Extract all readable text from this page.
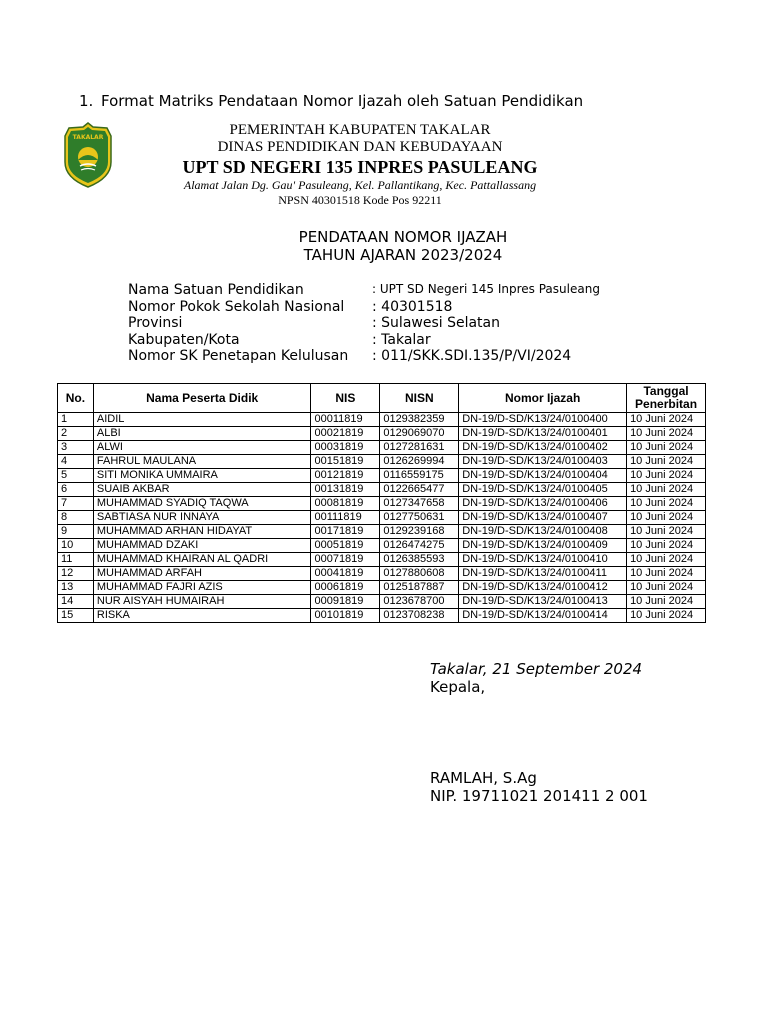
1. Format Matriks Pendataan Nomor Ijazah oleh Satuan Pendidikan
TAKALAR	PEMERINTAH KABUPATEN TAKALAR
DINAS PENDIDIKAN DAN KEBUDAYAAN
UPT SD NEGERI 135 INPRES PASULEANG
Alamat Jalan Dg. Gau' Pasuleang, Kel. Pallantikang, Kec. Pattallassang
NPSN 40301518 Kode Pos 92211
PENDATAAN NOMOR IJAZAH
TAHUN AJARAN 2023/2024
Nama Satuan Pendidikan	: UPT SD Negeri 145 Inpres Pasuleang
Nomor Pokok Sekolah Nasional	: 40301518
Provinsi	: Sulawesi Selatan
Kabupaten/Kota	: Takalar
Nomor SK Penetapan Kelulusan	: 011/SKK.SDI.135/P/VI/2024
No.	Nama Peserta Didik	NIS	NISN	Nomor Ijazah	Tanggal
Penerbitan
1	AIDIL	00011819	0129382359	DN-19/D-SD/K13/24/0100400	10 Juni 2024
2	ALBI	00021819	0129069070	DN-19/D-SD/K13/24/0100401	10 Juni 2024
3	ALWI	00031819	0127281631	DN-19/D-SD/K13/24/0100402	10 Juni 2024
4	FAHRUL MAULANA	00151819	0126269994	DN-19/D-SD/K13/24/0100403	10 Juni 2024
5	SITI MONIKA UMMAIRA	00121819	0116559175	DN-19/D-SD/K13/24/0100404	10 Juni 2024
6	SUAIB AKBAR	00131819	0122665477	DN-19/D-SD/K13/24/0100405	10 Juni 2024
7	MUHAMMAD SYADIQ TAQWA	00081819	0127347658	DN-19/D-SD/K13/24/0100406	10 Juni 2024
8	SABTIASA NUR INNAYA	00111819	0127750631	DN-19/D-SD/K13/24/0100407	10 Juni 2024
9	MUHAMMAD ARHAN HIDAYAT	00171819	0129239168	DN-19/D-SD/K13/24/0100408	10 Juni 2024
10	MUHAMMAD DZAKI	00051819	0126474275	DN-19/D-SD/K13/24/0100409	10 Juni 2024
11	MUHAMMAD KHAIRAN AL QADRI	00071819	0126385593	DN-19/D-SD/K13/24/0100410	10 Juni 2024
12	MUHAMMAD ARFAH	00041819	0127880608	DN-19/D-SD/K13/24/0100411	10 Juni 2024
13	MUHAMMAD FAJRI AZIS	00061819	0125187887	DN-19/D-SD/K13/24/0100412	10 Juni 2024
14	NUR AISYAH HUMAIRAH	00091819	0123678700	DN-19/D-SD/K13/24/0100413	10 Juni 2024
15	RISKA	00101819	0123708238	DN-19/D-SD/K13/24/0100414	10 Juni 2024
Takalar, 21 September 2024
Kepala,
RAMLAH, S.Ag
NIP. 19711021 201411 2 001
